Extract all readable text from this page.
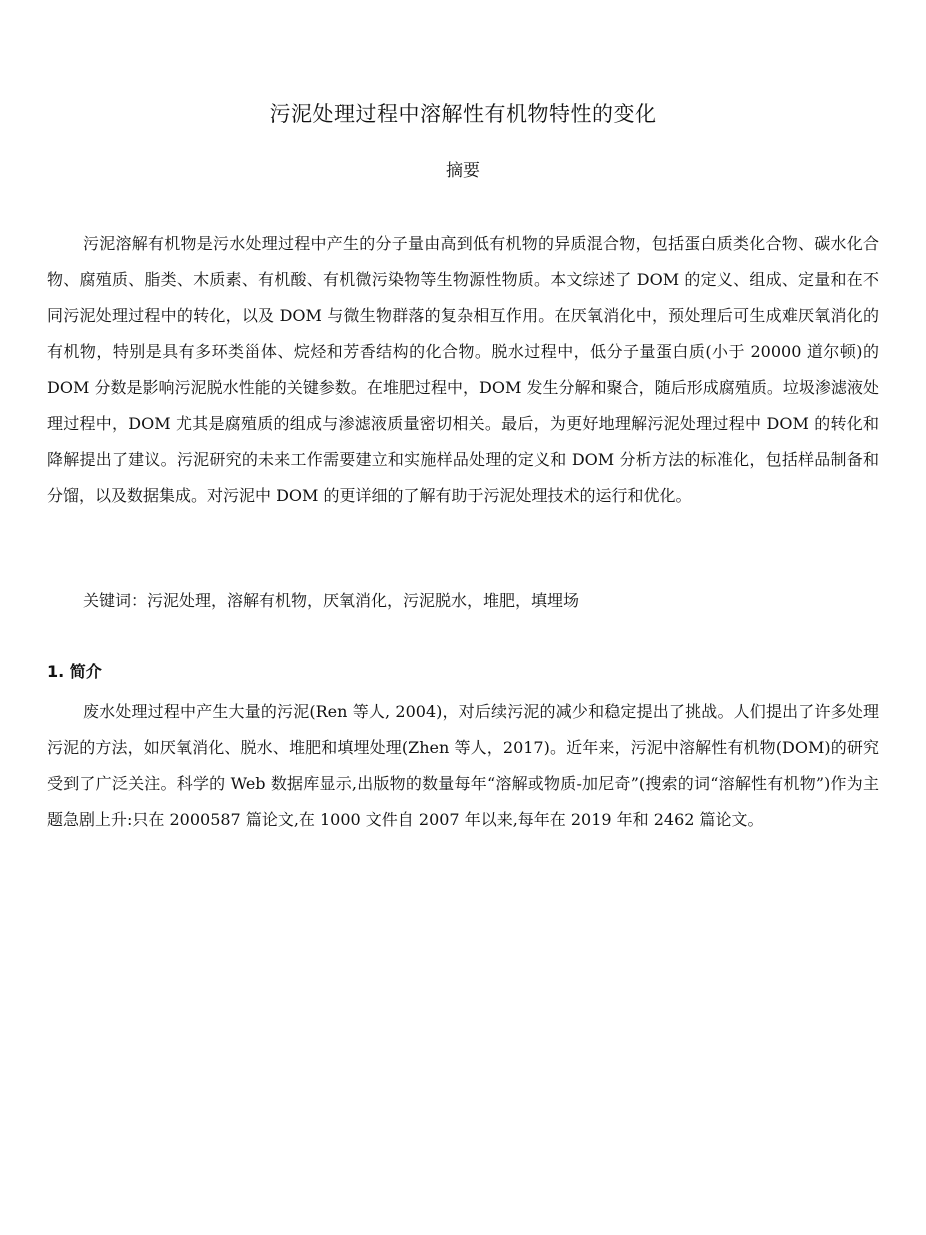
污泥处理过程中溶解性有机物特性的变化
摘要

污泥溶解有机物是污水处理过程中产生的分子量由高到低有机物的异质混合物，包括蛋白质类化合物、碳水化合物、腐殖质、脂类、木质素、有机酸、有机微污染物等生物源性物质。本文综述了 DOM 的定义、组成、定量和在不同污泥处理过程中的转化，以及 DOM 与微生物群落的复杂相互作用。在厌氧消化中，预处理后可生成难厌氧消化的有机物，特别是具有多环类甾体、烷烃和芳香结构的化合物。脱水过程中，低分子量蛋白质(小于 20000 道尔顿)的 DOM 分数是影响污泥脱水性能的关键参数。在堆肥过程中，DOM 发生分解和聚合，随后形成腐殖质。垃圾渗滤液处理过程中，DOM 尤其是腐殖质的组成与渗滤液质量密切相关。最后，为更好地理解污泥处理过程中 DOM 的转化和降解提出了建议。污泥研究的未来工作需要建立和实施样品处理的定义和 DOM 分析方法的标准化，包括样品制备和分馏，以及数据集成。对污泥中 DOM 的更详细的了解有助于污泥处理技术的运行和优化。

关键词：污泥处理，溶解有机物，厌氧消化，污泥脱水，堆肥，填埋场

1. 简介

废水处理过程中产生大量的污泥(Ren 等人, 2004)，对后续污泥的减少和稳定提出了挑战。人们提出了许多处理污泥的方法，如厌氧消化、脱水、堆肥和填埋处理(Zhen 等人，2017)。近年来，污泥中溶解性有机物(DOM)的研究受到了广泛关注。科学的 Web 数据库显示,出版物的数量每年“溶解或物质-加尼奇”(搜索的词“溶解性有机物”)作为主题急剧上升:只在 2000587 篇论文,在 1000 文件自 2007 年以来,每年在 2019 年和 2462 篇论文。
